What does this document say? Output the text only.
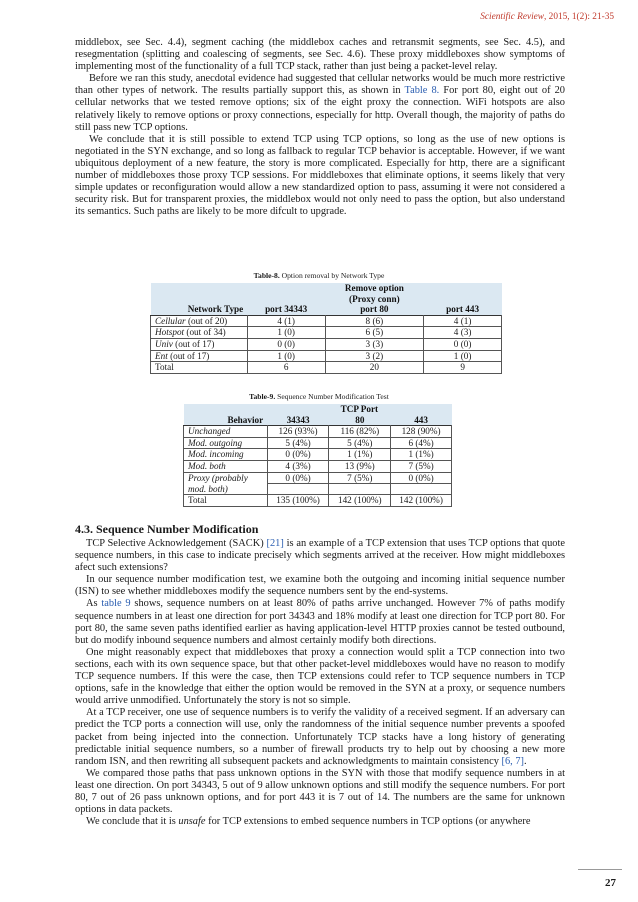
Scientific Review, 2015, 1(2): 21-35

middlebox, see Sec. 4.4), segment caching (the middlebox caches and retransmit segments, see Sec. 4.5), and resegmentation (splitting and coalescing of segments, see Sec. 4.6). These proxy middleboxes show symptoms of implementing most of the functionality of a full TCP stack, rather than just being a packet-level relay.

Before we ran this study, anecdotal evidence had suggested that cellular networks would be much more restrictive than other types of network. The results partially support this, as shown in Table 8. For port 80, eight out of 20 cellular networks that we tested remove options; six of the eight proxy the connection. WiFi hotspots are also relatively likely to remove options or proxy connections, especially for http. Overall though, the majority of paths do still pass new TCP options.

We conclude that it is still possible to extend TCP using TCP options, so long as the use of new options is negotiated in the SYN exchange, and so long as fallback to regular TCP behavior is acceptable. However, if we want ubiquitous deployment of a new feature, the story is more complicated. Especially for http, there are a significant number of middleboxes those proxy TCP sessions. For middleboxes that eliminate options, it seems likely that very simple updates or reconfiguration would allow a new standardized option to pass, assuming it were not considered a security risk. But for transparent proxies, the middlebox would not only need to pass the option, but also understand its semantics. Such paths are likely to be more difcult to upgrade.

Table-8. Option removal by Network Type
		Remove option	
		(Proxy conn)	
Network Type	port 34343	port 80	port 443
Cellular (out of 20)	4 (1)	8 (6)	4 (1)
Hotspot (out of 34)	1 (0)	6 (5)	4 (3)
Univ (out of 17)	0 (0)	3 (3)	0 (0)
Ent (out of 17)	1 (0)	3 (2)	1 (0)
Total	6	20	9
Table-9. Sequence Number Modification Test
	TCP Port		
Behavior	34343	80	443
Unchanged	126 (93%)	116 (82%)	128 (90%)
Mod. outgoing	5 (4%)	5 (4%)	6 (4%)
Mod. incoming	0 (0%)	1 (1%)	1 (1%)
Mod. both	4 (3%)	13 (9%)	7 (5%)
Proxy (probably	0 (0%)	7 (5%)	0 (0%)
mod. both)			
Total	135 (100%)	142 (100%)	142 (100%)
4.3. Sequence Number Modification

TCP Selective Acknowledgement (SACK) [21] is an example of a TCP extension that uses TCP options that quote sequence numbers, in this case to indicate precisely which segments arrived at the receiver. How might middleboxes afect such extensions?

In our sequence number modification test, we examine both the outgoing and incoming initial sequence number (ISN) to see whether middleboxes modify the sequence numbers sent by the end-systems.

As table 9 shows, sequence numbers on at least 80% of paths arrive unchanged. However 7% of paths modify sequence numbers in at least one direction for port 34343 and 18% modify at least one direction for TCP port 80. For port 80, the same seven paths identified earlier as having application-level HTTP proxies cannot be tested outbound, but do modify inbound sequence numbers and almost certainly modify both directions.

One might reasonably expect that middleboxes that proxy a connection would split a TCP connection into two sections, each with its own sequence space, but that other packet-level middleboxes would have no reason to modify TCP sequence numbers. If this were the case, then TCP extensions could refer to TCP sequence numbers in TCP options, safe in the knowledge that either the option would be removed in the SYN at a proxy, or sequence numbers would arrive unmodified. Unfortunately the story is not so simple.

At a TCP receiver, one use of sequence numbers is to verify the validity of a received segment. If an adversary can predict the TCP ports a connection will use, only the randomness of the initial sequence number prevents a spoofed packet from being injected into the connection. Unfortunately TCP stacks have a long history of generating predictable initial sequence numbers, so a number of firewall products try to help out by choosing a new more random ISN, and then rewriting all subsequent packets and acknowledgments to maintain consistency [6, 7].

We compared those paths that pass unknown options in the SYN with those that modify sequence numbers in at least one direction. On port 34343, 5 out of 9 allow unknown options and still modify the sequence numbers. For port 80, 7 out of 26 pass unknown options, and for port 443 it is 7 out of 14. The numbers are the same for unknown options in data packets.

We conclude that it is unsafe for TCP extensions to embed sequence numbers in TCP options (or anywhere

27
